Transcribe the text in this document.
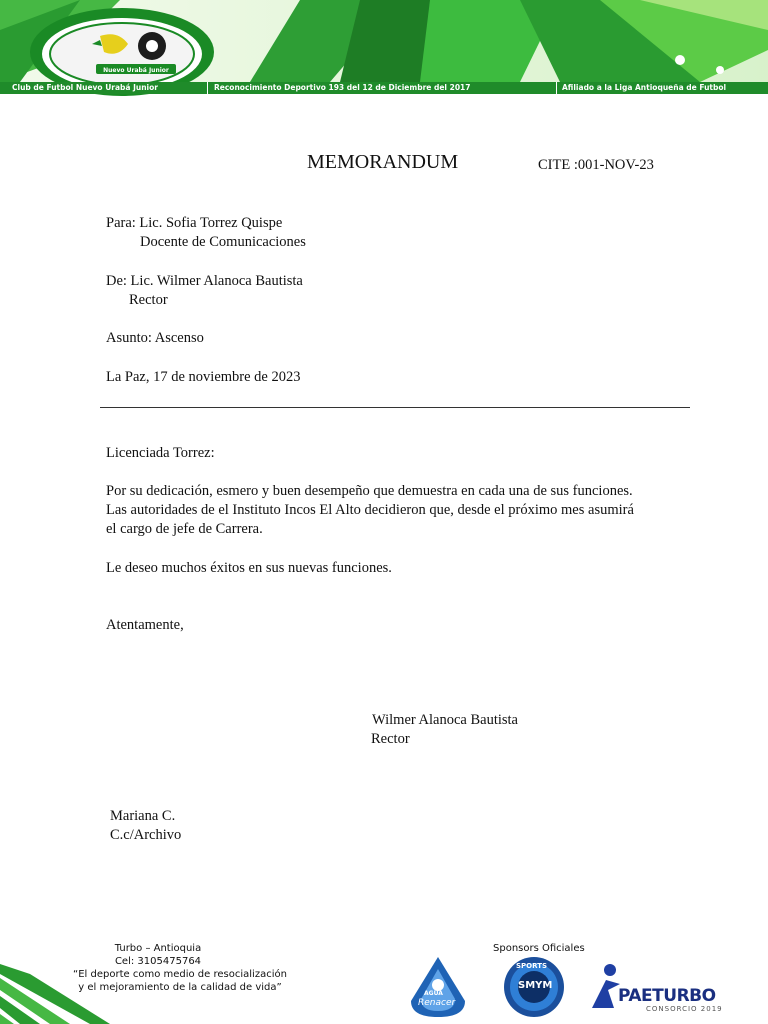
Nuevo Urabá Junior
Club de Futbol Nuevo Urabá Junior	Reconocimiento Deportivo 193 del 12 de Diciembre del 2017	Afiliado a la Liga Antioqueña de Futbol
MEMORANDUM	CITE :001-NOV-23
Para: Lic. Sofia Torrez Quispe
Docente de Comunicaciones
De: Lic. Wilmer Alanoca Bautista
Rector
Asunto: Ascenso
La Paz, 17 de noviembre de 2023
Licenciada Torrez:
Por su dedicación, esmero y buen desempeño que demuestra en cada una de sus funciones.
Las autoridades de el Instituto Incos El Alto decidieron que, desde el próximo mes asumirá
el cargo de jefe de Carrera.
Le deseo muchos éxitos en sus nuevas funciones.
Atentamente,
Wilmer Alanoca Bautista
Rector
Mariana C.
C.c/Archivo
Turbo – Antioquia
Cel: 3105475764
“El deporte como medio de resocialización
y el mejoramiento de la calidad de vida”
Sponsors Oficiales
AGUA
Renacer
SPORTS
SMYM
PAETURBO
CONSORCIO 2019
